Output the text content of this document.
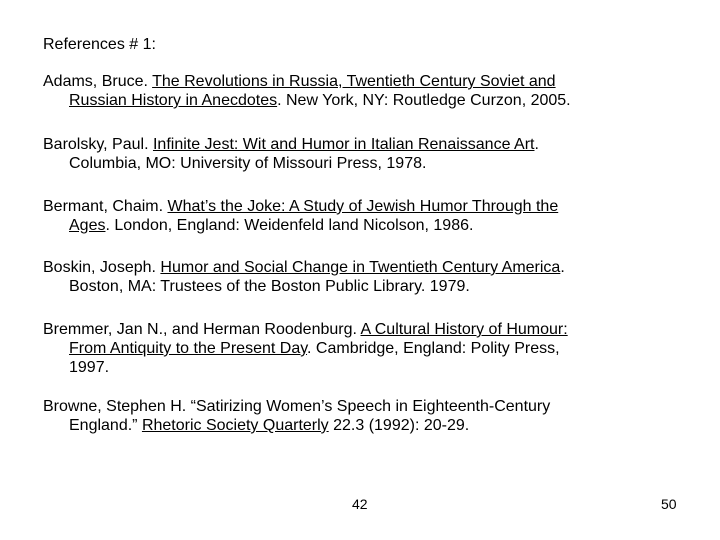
References # 1:
Adams, Bruce. The Revolutions in Russia, Twentieth Century Soviet and
Russian History in Anecdotes. New York, NY: Routledge Curzon, 2005.
Barolsky, Paul. Infinite Jest: Wit and Humor in Italian Renaissance Art.
Columbia, MO: University of Missouri Press, 1978.
Bermant, Chaim. What’s the Joke: A Study of Jewish Humor Through the
Ages. London, England: Weidenfeld land Nicolson, 1986.
Boskin, Joseph. Humor and Social Change in Twentieth Century America.
Boston, MA: Trustees of the Boston Public Library. 1979.
Bremmer, Jan N., and Herman Roodenburg. A Cultural History of Humour:
From Antiquity to the Present Day. Cambridge, England: Polity Press,
1997.
Browne, Stephen H. “Satirizing Women’s Speech in Eighteenth-Century
England.” Rhetoric Society Quarterly 22.3 (1992): 20-29.
42	50
